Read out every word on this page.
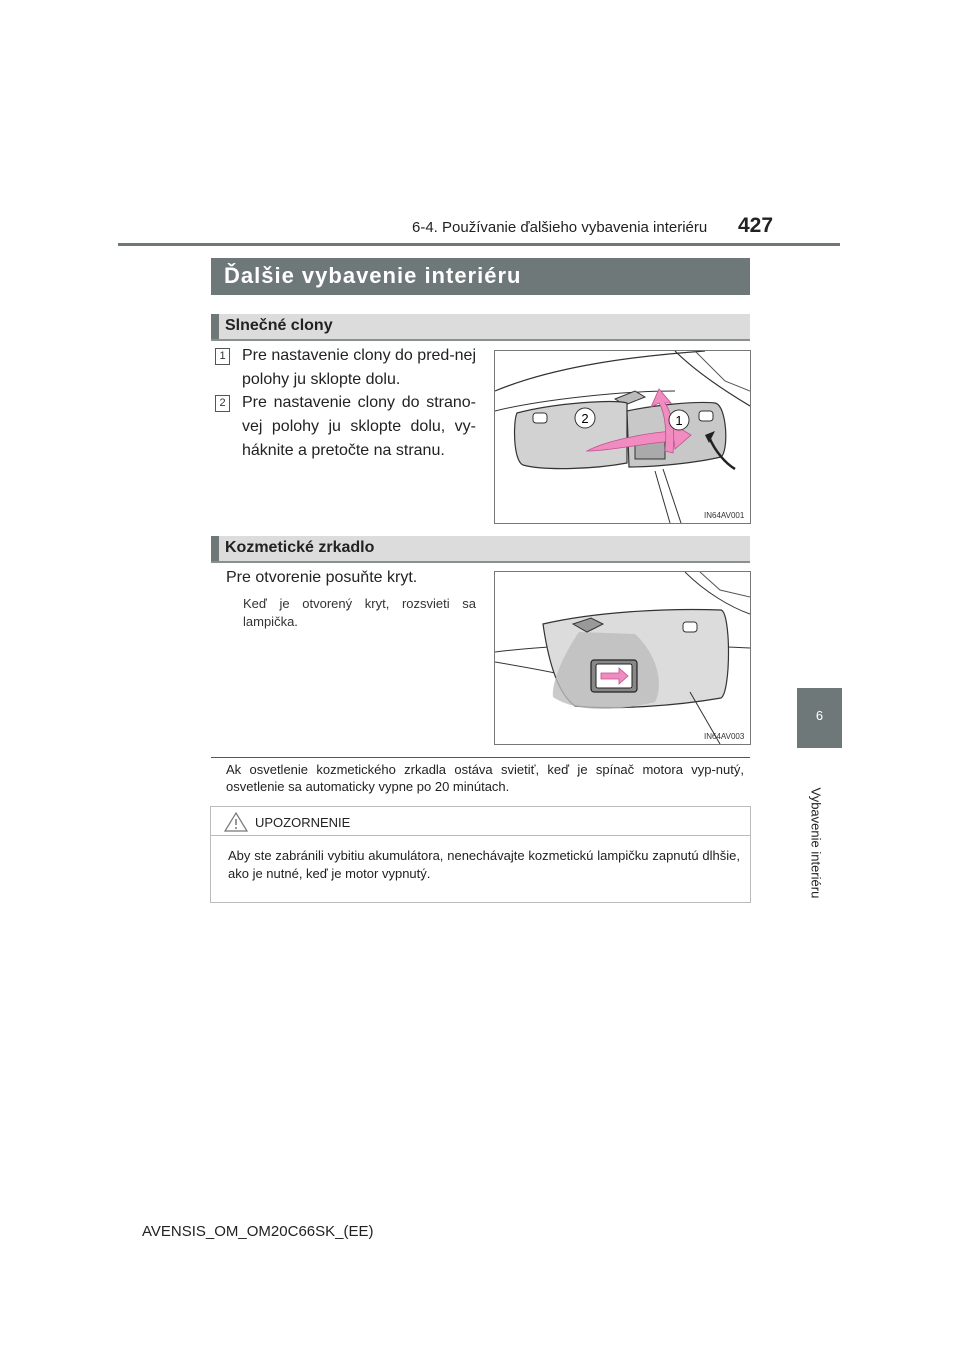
6-4. Používanie ďalšieho vybavenia interiéru 427
6
Vybavenie interiéru
Ďalšie vybavenie interiéru
Slnečné clony
1 Pre nastavenie clony do pred-nej polohy ju sklopte dolu.
2 Pre nastavenie clony do strano-vej polohy ju sklopte dolu, vy-háknite a pretočte na stranu.
2	1
IN64AV001
Kozmetické zrkadlo
Pre otvorenie posuňte kryt.
Keď je otvorený kryt, rozsvieti sa lampička.
IN64AV003
Ak osvetlenie kozmetického zrkadla ostáva svietiť, keď je spínač motora vyp-nutý, osvetlenie sa automaticky vypne po 20 minútach.
UPOZORNENIE
Aby ste zabránili vybitiu akumulátora, nenechávajte kozmetickú lampičku zapnutú dlhšie, ako je nutné, keď je motor vypnutý.
AVENSIS_OM_OM20C66SK_(EE)
